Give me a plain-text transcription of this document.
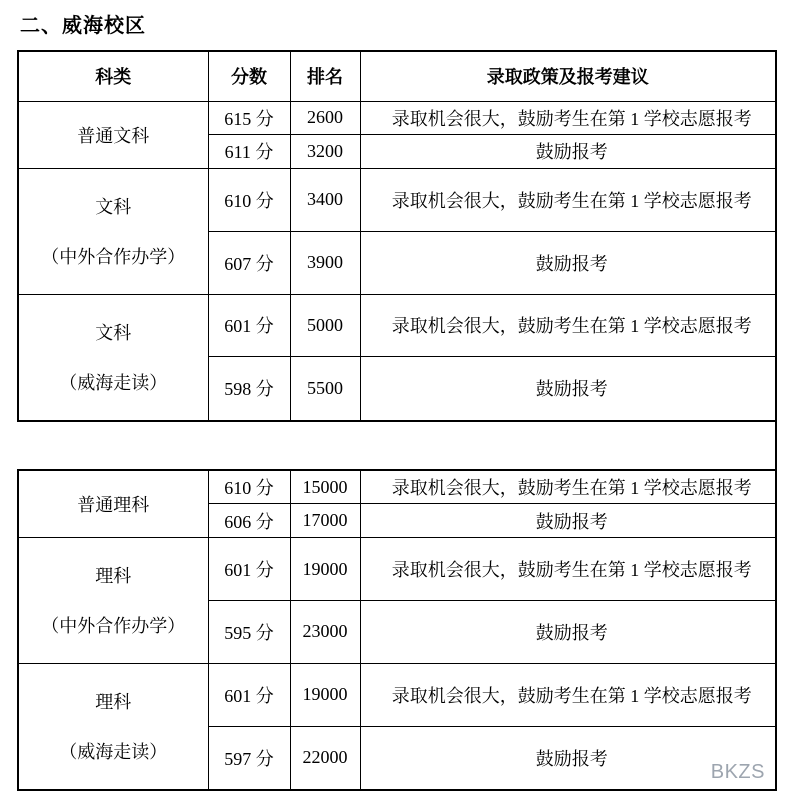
二、威海校区
科类	分数	排名	录取政策及报考建议
普通文科	615 分	2600	录取机会很大，鼓励考生在第 1 学校志愿报考
	611 分	3200	鼓励报考

文科
（中外合作办学）	610 分	3400	录取机会很大，鼓励考生在第 1 学校志愿报考
	607 分	3900	鼓励报考

文科
（威海走读）	601 分	5000	录取机会很大，鼓励考生在第 1 学校志愿报考
	598 分	5500	鼓励报考

普通理科	610 分	15000	录取机会很大，鼓励考生在第 1 学校志愿报考
	606 分	17000	鼓励报考

理科
（中外合作办学）	601 分	19000	录取机会很大，鼓励考生在第 1 学校志愿报考
	595 分	23000	鼓励报考

理科
（威海走读）	601 分	19000	录取机会很大，鼓励考生在第 1 学校志愿报考
	597 分	22000	鼓励报考
BKZS
